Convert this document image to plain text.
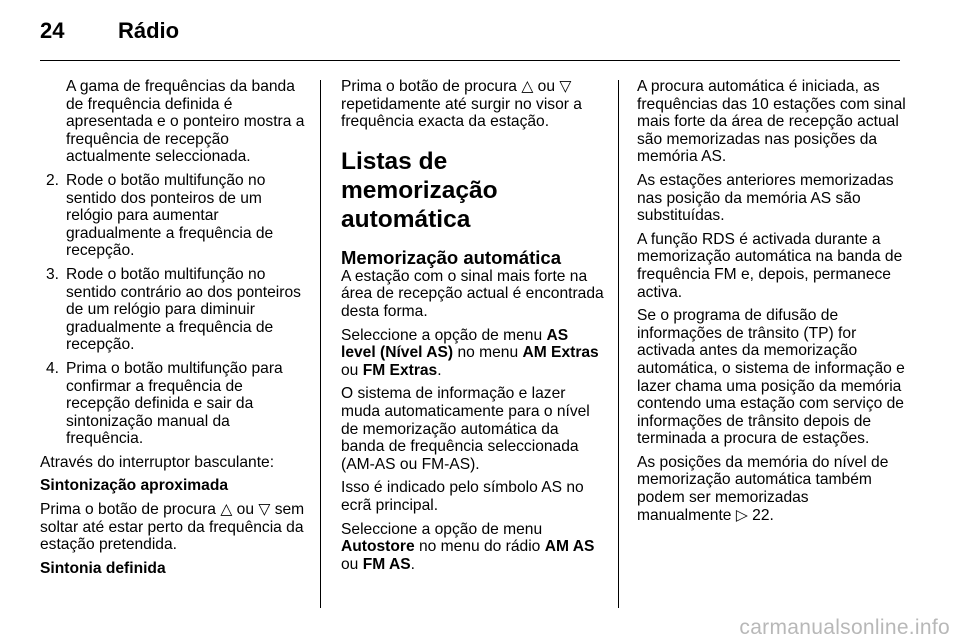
24 Rádio

A gama de frequências da banda de frequência definida é apresentada e o ponteiro mostra a frequência de recepção actualmente seleccionada.

2. Rode o botão multifunção no sentido dos ponteiros de um relógio para aumentar gradualmente a frequência de recepção.
3. Rode o botão multifunção no sentido contrário ao dos ponteiros de um relógio para diminuir gradualmente a frequência de recepção.
4. Prima o botão multifunção para confirmar a frequência de recepção definida e sair da sintonização manual da frequência.

Através do interruptor basculante:

Sintonização aproximada

Prima o botão de procura △ ou ▽ sem soltar até estar perto da frequência da estação pretendida.

Sintonia definida

Prima o botão de procura △ ou ▽ repetidamente até surgir no visor a frequência exacta da estação.

Listas de memorização automática
Memorização automática

A estação com o sinal mais forte na área de recepção actual é encontrada desta forma.

Seleccione a opção de menu AS level (Nível AS) no menu AM Extras ou FM Extras.

O sistema de informação e lazer muda automaticamente para o nível de memorização automática da banda de frequência seleccionada (AM-AS ou FM-AS).

Isso é indicado pelo símbolo AS no ecrã principal.

Seleccione a opção de menu Autostore no menu do rádio AM AS ou FM AS.

A procura automática é iniciada, as frequências das 10 estações com sinal mais forte da área de recepção actual são memorizadas nas posições da memória AS.

As estações anteriores memorizadas nas posição da memória AS são substituídas.

A função RDS é activada durante a memorização automática na banda de frequência FM e, depois, permanece activa.

Se o programa de difusão de informações de trânsito (TP) for activada antes da memorização automática, o sistema de informação e lazer chama uma posição da memória contendo uma estação com serviço de informações de trânsito depois de terminada a procura de estações.

As posições da memória do nível de memorização automática também podem ser memorizadas manualmente ▷ 22.

carmanualsonline.info
